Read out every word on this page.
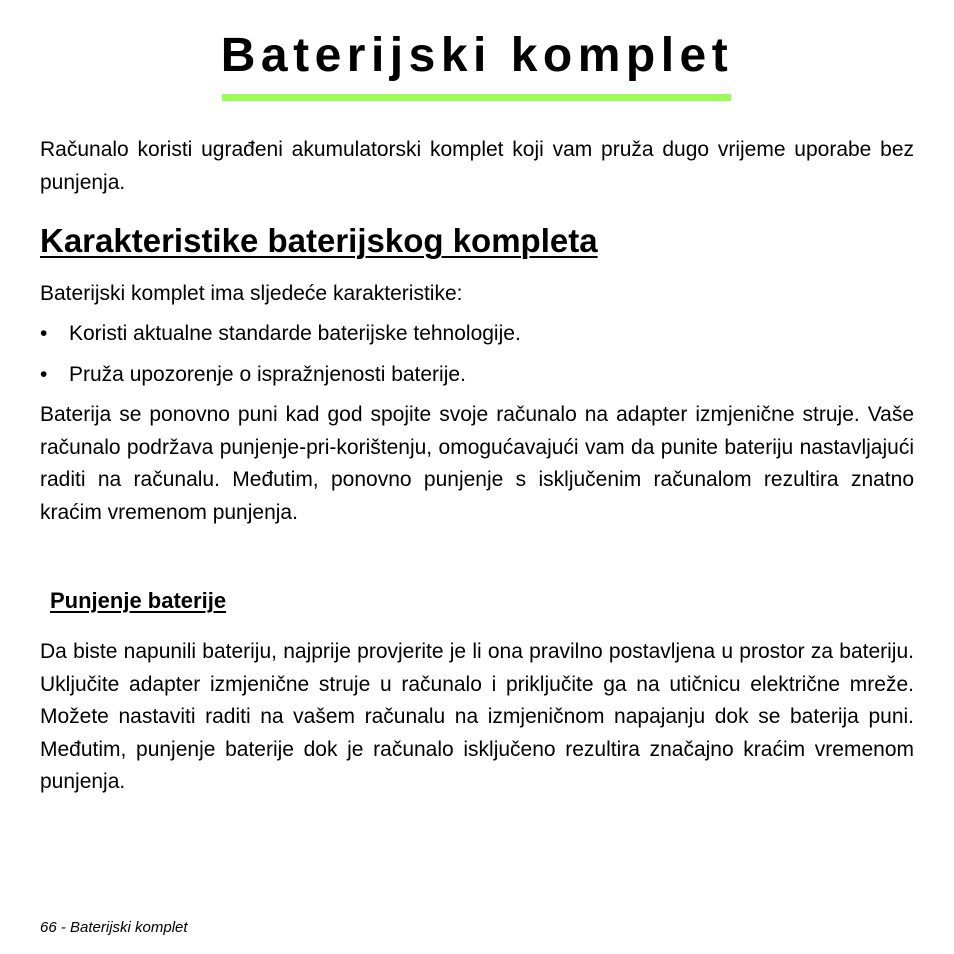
Baterijski komplet

Računalo koristi ugrađeni akumulatorski komplet koji vam pruža dugo vrijeme uporabe bez punjenja.

Karakteristike baterijskog kompleta

Baterijski komplet ima sljedeće karakteristike:

• Koristi aktualne standarde baterijske tehnologije.
• Pruža upozorenje o ispražnjenosti baterije.

Baterija se ponovno puni kad god spojite svoje računalo na adapter izmjenične struje. Vaše računalo podržava punjenje-pri-korištenju, omogućavajući vam da punite bateriju nastavljajući raditi na računalu. Međutim, ponovno punjenje s isključenim računalom rezultira znatno kraćim vremenom punjenja.

Punjenje baterije

Da biste napunili bateriju, najprije provjerite je li ona pravilno postavljena u prostor za bateriju. Uključite adapter izmjenične struje u računalo i priključite ga na utičnicu električne mreže. Možete nastaviti raditi na vašem računalu na izmjeničnom napajanju dok se baterija puni. Međutim, punjenje baterije dok je računalo isključeno rezultira značajno kraćim vremenom punjenja.

66 - Baterijski komplet
